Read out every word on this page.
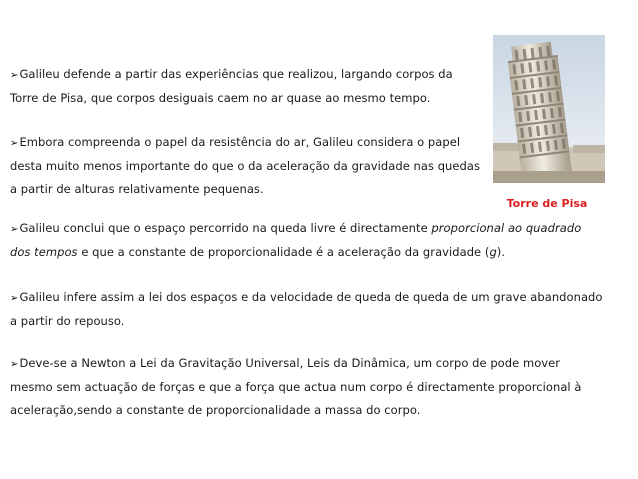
➢Galileu defende a partir das experiências que realizou, largando corpos da
Torre de Pisa, que corpos desiguais caem no ar quase ao mesmo tempo.
➢Embora compreenda o papel da resistência do ar, Galileu considera o papel
desta muito menos importante do que o da aceleração da gravidade nas quedas
a partir de alturas relativamente pequenas.
➢Galileu conclui que o espaço percorrido na queda livre é directamente proporcional ao quadrado
dos tempos e que a constante de proporcionalidade é a aceleração da gravidade (g).
➢Galileu infere assim a lei dos espaços e da velocidade de queda de queda de um grave abandonado
a partir do repouso.
➢Deve-se a Newton a Lei da Gravitação Universal, Leis da Dinâmica, um corpo de pode mover
mesmo sem actuação de forças e que a força que actua num corpo é directamente proporcional à
aceleração,sendo a constante de proporcionalidade a massa do corpo.
Torre de Pisa
